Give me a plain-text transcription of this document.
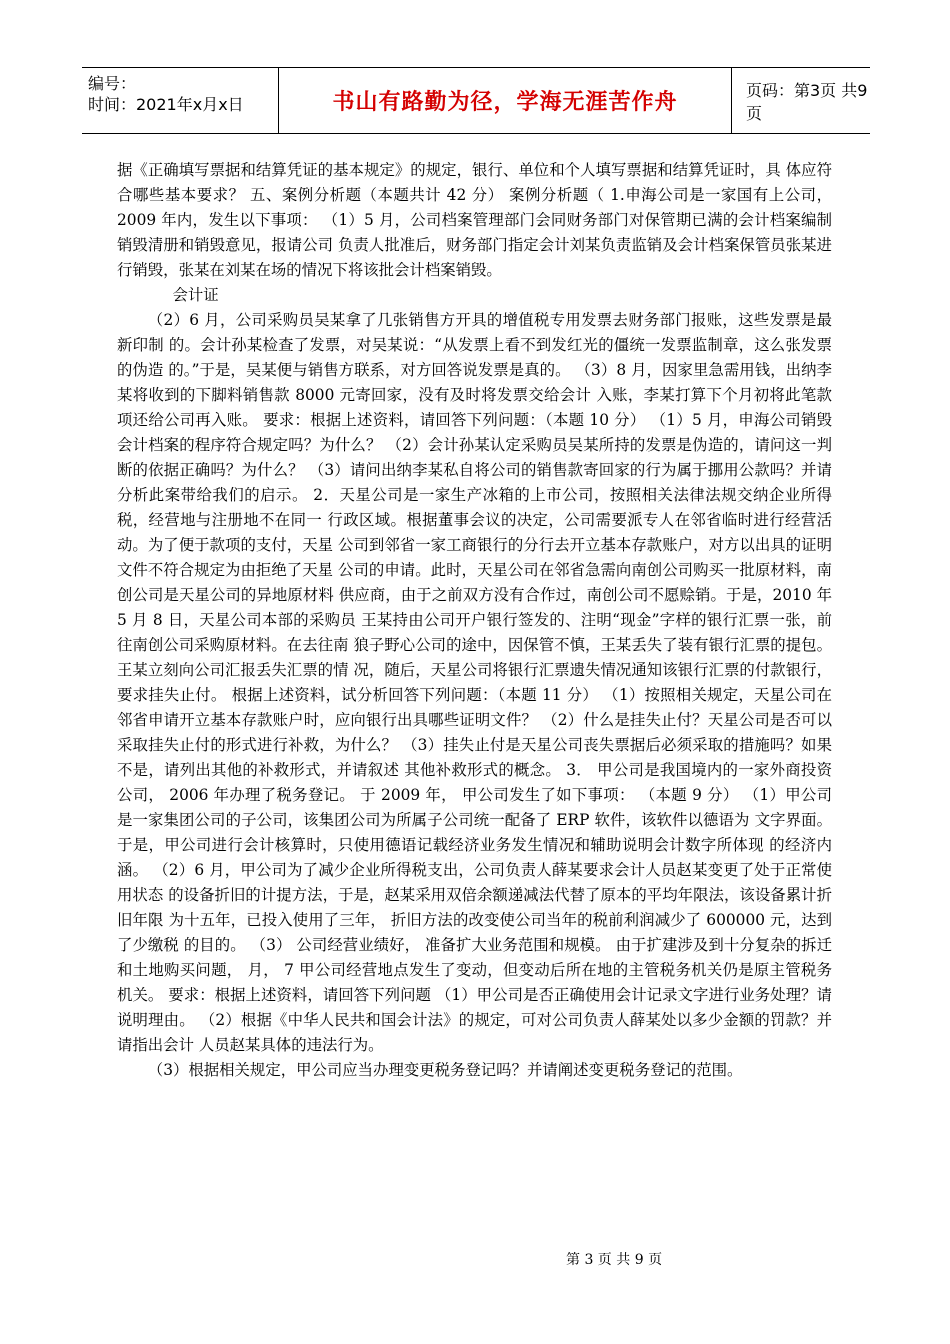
编号：
时间：2021年x月x日	书山有路勤为径，学海无涯苦作舟	页码：第3页 共9页

据《正确填写票据和结算凭证的基本规定》的规定，银行、单位和个人填写票据和结算凭证时，具 体应符合哪些基本要求？ 五、案例分析题（本题共计 42 分） 案例分析题（ 1.申海公司是一家国有上公司，2009 年内，发生以下事项： （1）5 月，公司档案管理部门会同财务部门对保管期已满的会计档案编制销毁清册和销毁意见，报请公司 负责人批准后，财务部门指定会计刘某负责监销及会计档案保管员张某进行销毁，张某在刘某在场的情况下将该批会计档案销毁。

会计证

（2）6 月，公司采购员吴某拿了几张销售方开具的增值税专用发票去财务部门报账，这些发票是最新印制 的。会计孙某检查了发票，对吴某说：“从发票上看不到发红光的僵统一发票监制章，这么张发票的伪造 的。”于是，吴某便与销售方联系，对方回答说发票是真的。 （3）8 月，因家里急需用钱，出纳李某将收到的下脚料销售款 8000 元寄回家，没有及时将发票交给会计 入账，李某打算下个月初将此笔款项还给公司再入账。 要求：根据上述资料，请回答下列问题：（本题 10 分） （1）5 月，申海公司销毁会计档案的程序符合规定吗？为什么？ （2）会计孙某认定采购员吴某所持的发票是伪造的，请问这一判断的依据正确吗？为什么？ （3）请问出纳李某私自将公司的销售款寄回家的行为属于挪用公款吗？并请分析此案带给我们的启示。 2．天星公司是一家生产冰箱的上市公司，按照相关法律法规交纳企业所得税，经营地与注册地不在同一 行政区域。根据董事会议的决定，公司需要派专人在邻省临时进行经营活动。为了便于款项的支付，天星 公司到邻省一家工商银行的分行去开立基本存款账户，对方以出具的证明文件不符合规定为由拒绝了天星 公司的申请。此时，天星公司在邻省急需向南创公司购买一批原材料，南创公司是天星公司的异地原材料 供应商，由于之前双方没有合作过，南创公司不愿赊销。于是，2010 年 5 月 8 日，天星公司本部的采购员 王某持由公司开户银行签发的、注明“现金”字样的银行汇票一张，前往南创公司采购原材料。在去往南 狼子野心公司的途中，因保管不慎，王某丢失了装有银行汇票的提包。王某立刻向公司汇报丢失汇票的情 况，随后，天星公司将银行汇票遗失情况通知该银行汇票的付款银行，要求挂失止付。 根据上述资料，试分析回答下列问题：（本题 11 分） （1）按照相关规定，天星公司在邻省申请开立基本存款账户时，应向银行出具哪些证明文件？ （2）什么是挂失止付？天星公司是否可以采取挂失止付的形式进行补救，为什么？ （3）挂失止付是天星公司丧失票据后必须采取的措施吗？如果不是，请列出其他的补救形式，并请叙述 其他补救形式的概念。 3． 甲公司是我国境内的一家外商投资公司， 2006 年办理了税务登记。 于 2009 年， 甲公司发生了如下事项： （本题 9 分） （1）甲公司是一家集团公司的子公司，该集团公司为所属子公司统一配备了 ERP 软件，该软件以德语为 文字界面。于是，甲公司进行会计核算时，只使用德语记载经济业务发生情况和辅助说明会计数字所体现 的经济内涵。 （2）6 月，甲公司为了减少企业所得税支出，公司负责人薛某要求会计人员赵某变更了处于正常使用状态 的设备折旧的计提方法，于是，赵某采用双倍余额递减法代替了原本的平均年限法，该设备累计折旧年限 为十五年，已投入使用了三年， 折旧方法的改变使公司当年的税前利润减少了 600000 元，达到了少缴税 的目的。 （3） 公司经营业绩好， 准备扩大业务范围和规模。 由于扩建涉及到十分复杂的拆迁和土地购买问题， 月， 7 甲公司经营地点发生了变动，但变动后所在地的主管税务机关仍是原主管税务机关。 要求：根据上述资料，请回答下列问题 （1）甲公司是否正确使用会计记录文字进行业务处理？请说明理由。 （2）根据《中华人民共和国会计法》的规定，可对公司负责人薛某处以多少金额的罚款？并请指出会计 人员赵某具体的违法行为。

（3）根据相关规定，甲公司应当办理变更税务登记吗？并请阐述变更税务登记的范围。

第 3 页 共 9 页
